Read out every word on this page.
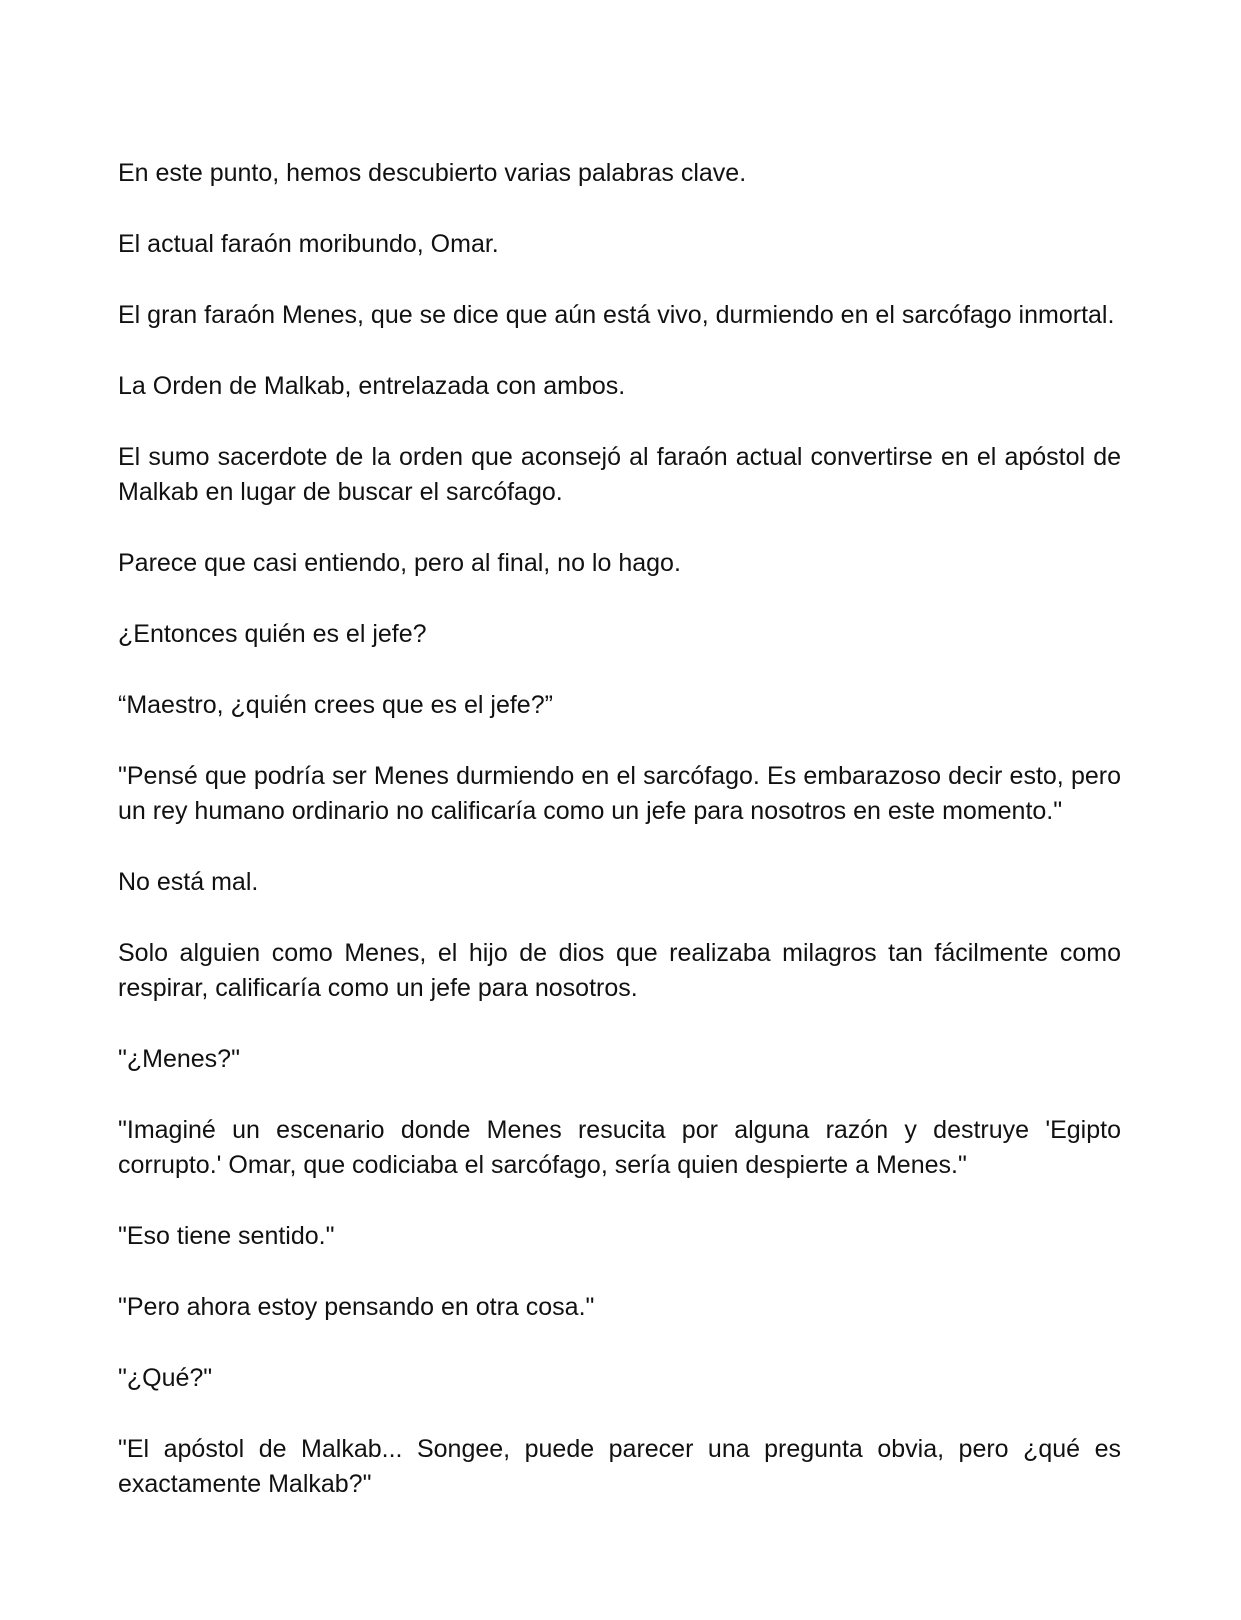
En este punto, hemos descubierto varias palabras clave.

El actual faraón moribundo, Omar.

El gran faraón Menes, que se dice que aún está vivo, durmiendo en el sarcófago inmortal.

La Orden de Malkab, entrelazada con ambos.

El sumo sacerdote de la orden que aconsejó al faraón actual convertirse en el apóstol de Malkab en lugar de buscar el sarcófago.

Parece que casi entiendo, pero al final, no lo hago.

¿Entonces quién es el jefe?

“Maestro, ¿quién crees que es el jefe?”

"Pensé que podría ser Menes durmiendo en el sarcófago. Es embarazoso decir esto, pero un rey humano ordinario no calificaría como un jefe para nosotros en este momento."

No está mal.

Solo alguien como Menes, el hijo de dios que realizaba milagros tan fácilmente como respirar, calificaría como un jefe para nosotros.

"¿Menes?"

"Imaginé un escenario donde Menes resucita por alguna razón y destruye 'Egipto corrupto.' Omar, que codiciaba el sarcófago, sería quien despierte a Menes."

"Eso tiene sentido."

"Pero ahora estoy pensando en otra cosa."

"¿Qué?"

"El apóstol de Malkab... Songee, puede parecer una pregunta obvia, pero ¿qué es exactamente Malkab?"
